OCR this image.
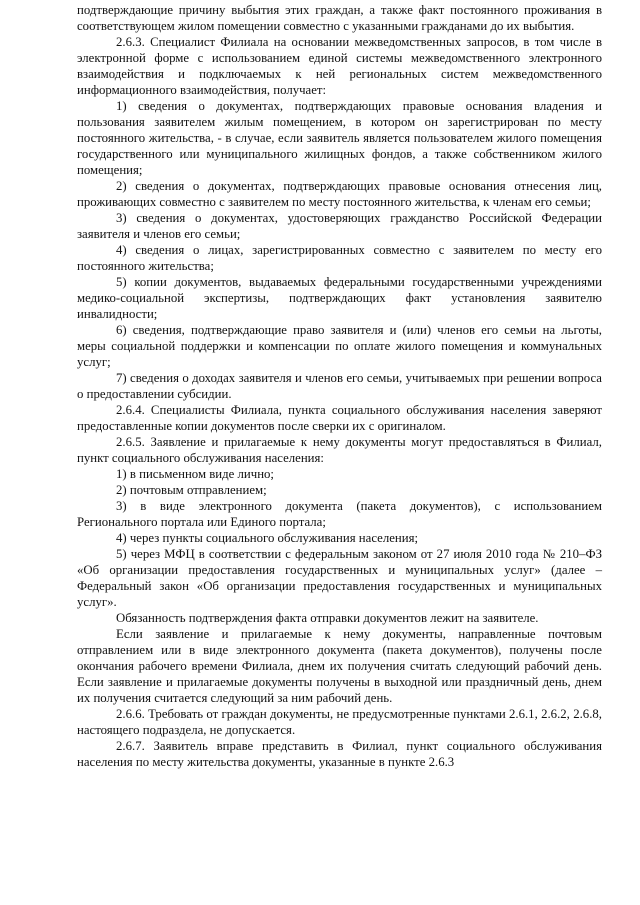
подтверждающие причину выбытия этих граждан, а также факт постоянного проживания в соответствующем жилом помещении совместно с указанными гражданами до их выбытия.

2.6.3. Специалист Филиала на основании межведомственных запросов, в том числе в электронной форме с использованием единой системы межведомственного электронного взаимодействия и подключаемых к ней региональных систем межведомственного информационного взаимодействия, получает:

1) сведения о документах, подтверждающих правовые основания владения и пользования заявителем жилым помещением, в котором он зарегистрирован по месту постоянного жительства, - в случае, если заявитель является пользователем жилого помещения государственного или муниципального жилищных фондов, а также собственником жилого помещения;

2) сведения о документах, подтверждающих правовые основания отнесения лиц, проживающих совместно с заявителем по месту постоянного жительства, к членам его семьи;

3) сведения о документах, удостоверяющих гражданство Российской Федерации заявителя и членов его семьи;

4) сведения о лицах, зарегистрированных совместно с заявителем по месту его постоянного жительства;

5) копии документов, выдаваемых федеральными государственными учреждениями медико-социальной экспертизы, подтверждающих факт установления заявителю инвалидности;

6) сведения, подтверждающие право заявителя и (или) членов его семьи на льготы, меры социальной поддержки и компенсации по оплате жилого помещения и коммунальных услуг;

7) сведения о доходах заявителя и членов его семьи, учитываемых при решении вопроса о предоставлении субсидии.

2.6.4. Специалисты Филиала, пункта социального обслуживания населения заверяют предоставленные копии документов после сверки их с оригиналом.

2.6.5. Заявление и прилагаемые к нему документы могут предоставляться в Филиал, пункт социального обслуживания населения:

1) в письменном виде лично;

2) почтовым отправлением;

3) в виде электронного документа (пакета документов), с использованием Регионального портала или Единого портала;

4) через пункты социального обслуживания населения;

5) через МФЦ в соответствии с федеральным законом от 27 июля 2010 года № 210–ФЗ «Об организации предоставления государственных и муниципальных услуг» (далее – Федеральный закон «Об организации предоставления государственных и муниципальных услуг».

Обязанность подтверждения факта отправки документов лежит на заявителе.

Если заявление и прилагаемые к нему документы, направленные почтовым отправлением или в виде электронного документа (пакета документов), получены после окончания рабочего времени Филиала, днем их получения считать следующий рабочий день. Если заявление и прилагаемые документы получены в выходной или праздничный день, днем их получения считается следующий за ним рабочий день.

2.6.6. Требовать от граждан документы, не предусмотренные пунктами 2.6.1, 2.6.2, 2.6.8, настоящего подраздела, не допускается.

2.6.7. Заявитель вправе представить в Филиал, пункт социального обслуживания населения по месту жительства документы, указанные в пункте 2.6.3
